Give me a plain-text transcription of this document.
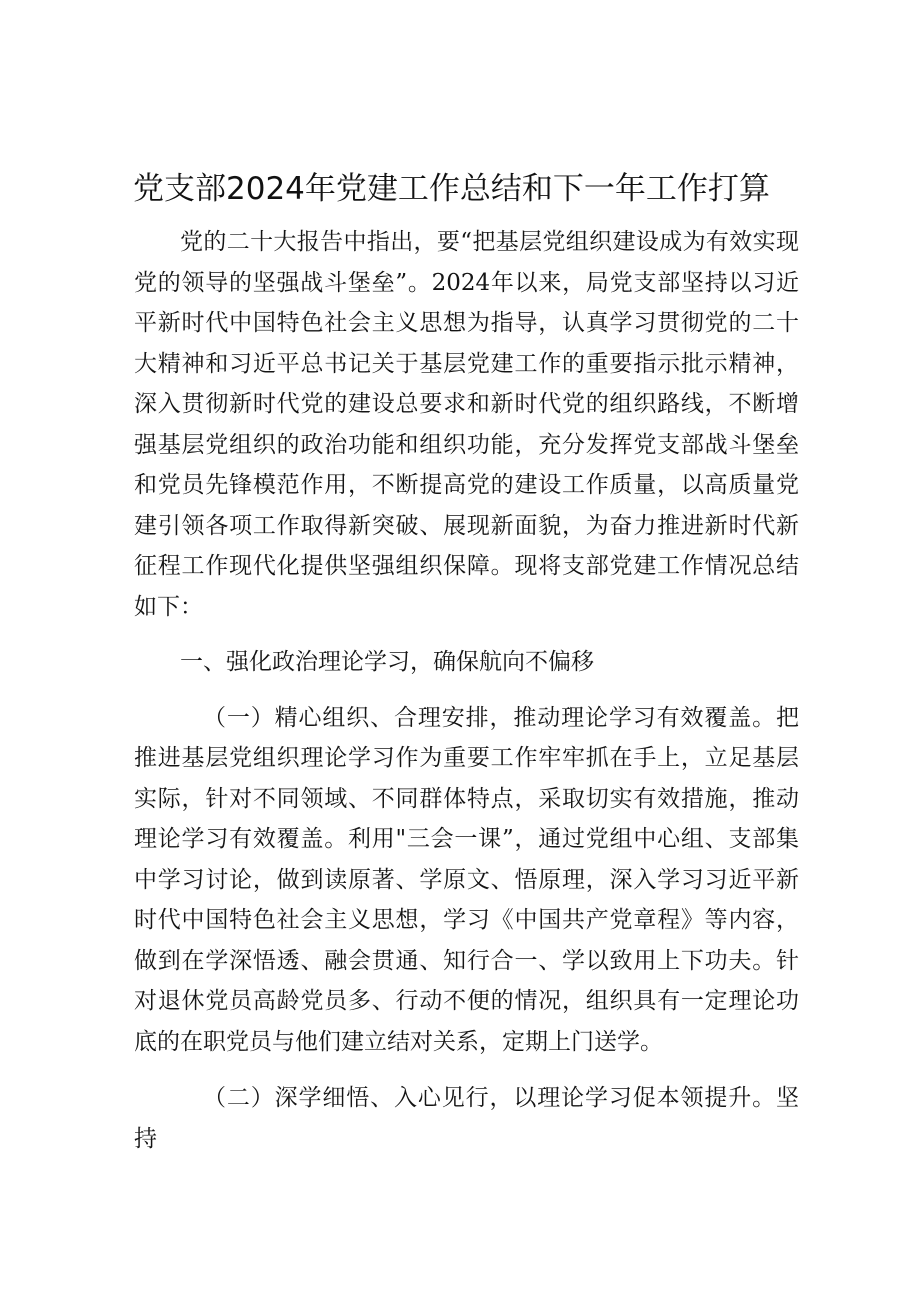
党支部2024年党建工作总结和下一年工作打算

党的二十大报告中指出，要“把基层党组织建设成为有效实现党的领导的坚强战斗堡垒”。2024年以来，局党支部坚持以习近平新时代中国特色社会主义思想为指导，认真学习贯彻党的二十大精神和习近平总书记关于基层党建工作的重要指示批示精神，深入贯彻新时代党的建设总要求和新时代党的组织路线，不断增强基层党组织的政治功能和组织功能，充分发挥党支部战斗堡垒和党员先锋模范作用，不断提高党的建设工作质量，以高质量党建引领各项工作取得新突破、展现新面貌，为奋力推进新时代新征程工作现代化提供坚强组织保障。现将支部党建工作情况总结如下：

一、强化政治理论学习，确保航向不偏移

（一）精心组织、合理安排，推动理论学习有效覆盖。把推进基层党组织理论学习作为重要工作牢牢抓在手上，立足基层实际，针对不同领域、不同群体特点，采取切实有效措施，推动理论学习有效覆盖。利用"三会一课”，通过党组中心组、支部集中学习讨论，做到读原著、学原文、悟原理，深入学习习近平新时代中国特色社会主义思想，学习《中国共产党章程》等内容，做到在学深悟透、融会贯通、知行合一、学以致用上下功夫。针对退休党员高龄党员多、行动不便的情况，组织具有一定理论功底的在职党员与他们建立结对关系，定期上门送学。

（二）深学细悟、入心见行，以理论学习促本领提升。坚持
